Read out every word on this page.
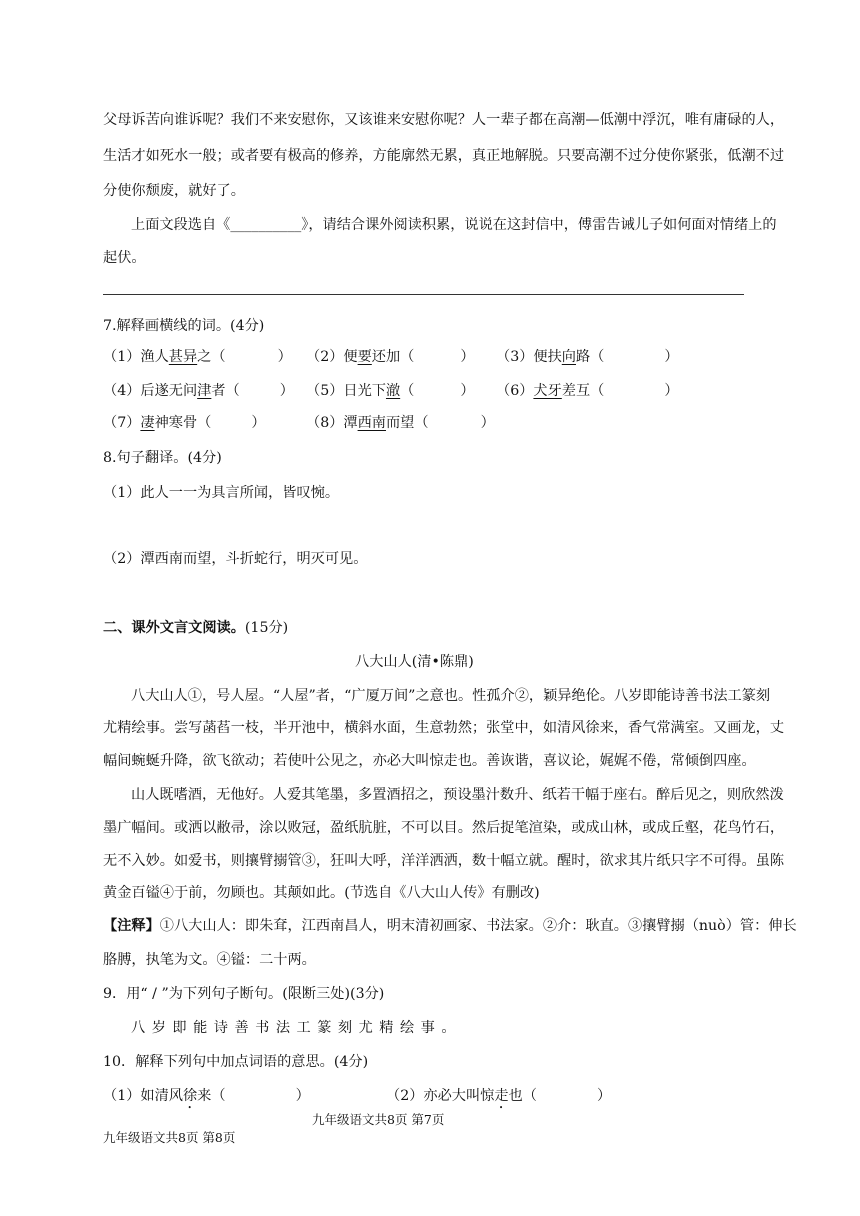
父母诉苦向谁诉呢？我们不来安慰你，又该谁来安慰你呢？人一辈子都在高潮—低潮中浮沉，唯有庸碌的人，
生活才如死水一般；或者要有极高的修养，方能廓然无累，真正地解脱。只要高潮不过分使你紧张，低潮不过
分使你颓废，就好了。
上面文段选自《__________》，请结合课外阅读积累，说说在这封信中，傅雷告诫儿子如何面对情绪上的
起伏。
7.解释画横线的词。(4分)
（1）渔人甚异之（	） （2）便要还加（	） （3）便扶向路（	）
（4）后遂无问津者（	） （5）日光下澈（	） （6）犬牙差互（	）
（7）凄神寒骨（	）	（8）潭西南而望（	）
8.句子翻译。(4分)
（1）此人一一为具言所闻，皆叹惋。
（2）潭西南而望，斗折蛇行，明灭可见。
二、课外文言文阅读。(15分)
八大山人(清•陈鼎)
八大山人①，号人屋。“人屋”者，“广厦万间”之意也。性孤介②，颖异绝伦。八岁即能诗善书法工篆刻
尤精绘事。尝写菡萏一枝，半开池中，横斜水面，生意勃然；张堂中，如清风徐来，香气常满室。又画龙，丈
幅间蜿蜒升降，欲飞欲动；若使叶公见之，亦必大叫惊走也。善诙谐，喜议论，娓娓不倦，常倾倒四座。
山人既嗜酒，无他好。人爱其笔墨，多置酒招之，预设墨汁数升、纸若干幅于座右。醉后见之，则欣然泼
墨广幅间。或洒以敝帚，涂以败冠，盈纸肮脏，不可以目。然后捉笔渲染，或成山林，或成丘壑，花鸟竹石，
无不入妙。如爱书，则攘臂搦管③，狂叫大呼，洋洋洒洒，数十幅立就。醒时，欲求其片纸只字不可得。虽陈
黄金百镒④于前，勿顾也。其颠如此。(节选自《八大山人传》有删改)
【注释】①八大山人：即朱耷，江西南昌人，明末清初画家、书法家。②介：耿直。③攘臂搦（nuò）管：伸长
胳膊，执笔为文。④镒：二十两。
9．用“ / ”为下列句子断句。(限断三处)(3分)
八岁即能诗善书法工篆刻尤精绘事。
10．解释下列句中加点词语的意思。(4分)
（1）如清风徐来（	）	（2）亦必大叫惊走也（	）
九年级语文共8页 第7页
九年级语文共8页 第8页
